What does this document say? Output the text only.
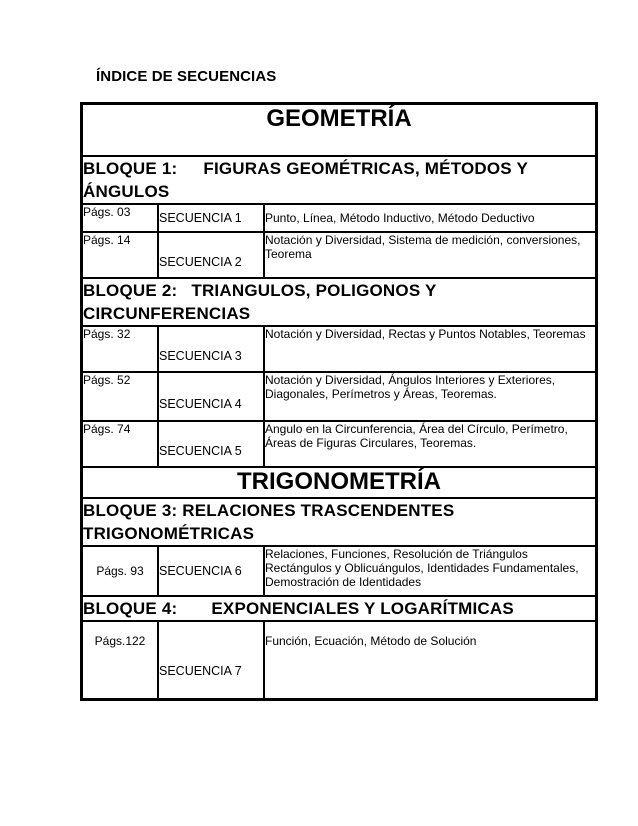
ÍNDICE DE SECUENCIAS
GEOMETRÍA		
BLOQUE 1: FIGURAS GEOMÉTRICAS, MÉTODOS Y
ÁNGULOS		
Págs. 03	SECUENCIA 1	Punto, Línea, Método Inductivo, Método Deductivo
Págs. 14	SECUENCIA 2	Notación y Diversidad, Sistema de medición, conversiones, Teorema
BLOQUE 2: TRIANGULOS, POLIGONOS Y
CIRCUNFERENCIAS		
Págs. 32	SECUENCIA 3	Notación y Diversidad, Rectas y Puntos Notables, Teoremas
Págs. 52	SECUENCIA 4	Notación y Diversidad, Ángulos Interiores y Exteriores, Diagonales, Perímetros y Áreas, Teoremas.
Págs. 74	SECUENCIA 5	Angulo en la Circunferencia, Área del Círculo, Perímetro, Áreas de Figuras Circulares, Teoremas.
TRIGONOMETRÍA		
BLOQUE 3: RELACIONES TRASCENDENTES
TRIGONOMÉTRICAS		
Págs. 93	SECUENCIA 6	Relaciones, Funciones, Resolución de Triángulos Rectángulos y Oblicuángulos, Identidades Fundamentales, Demostración de Identidades
BLOQUE 4: EXPONENCIALES Y LOGARÍTMICAS		
Págs.122	SECUENCIA 7	Función, Ecuación, Método de Solución
